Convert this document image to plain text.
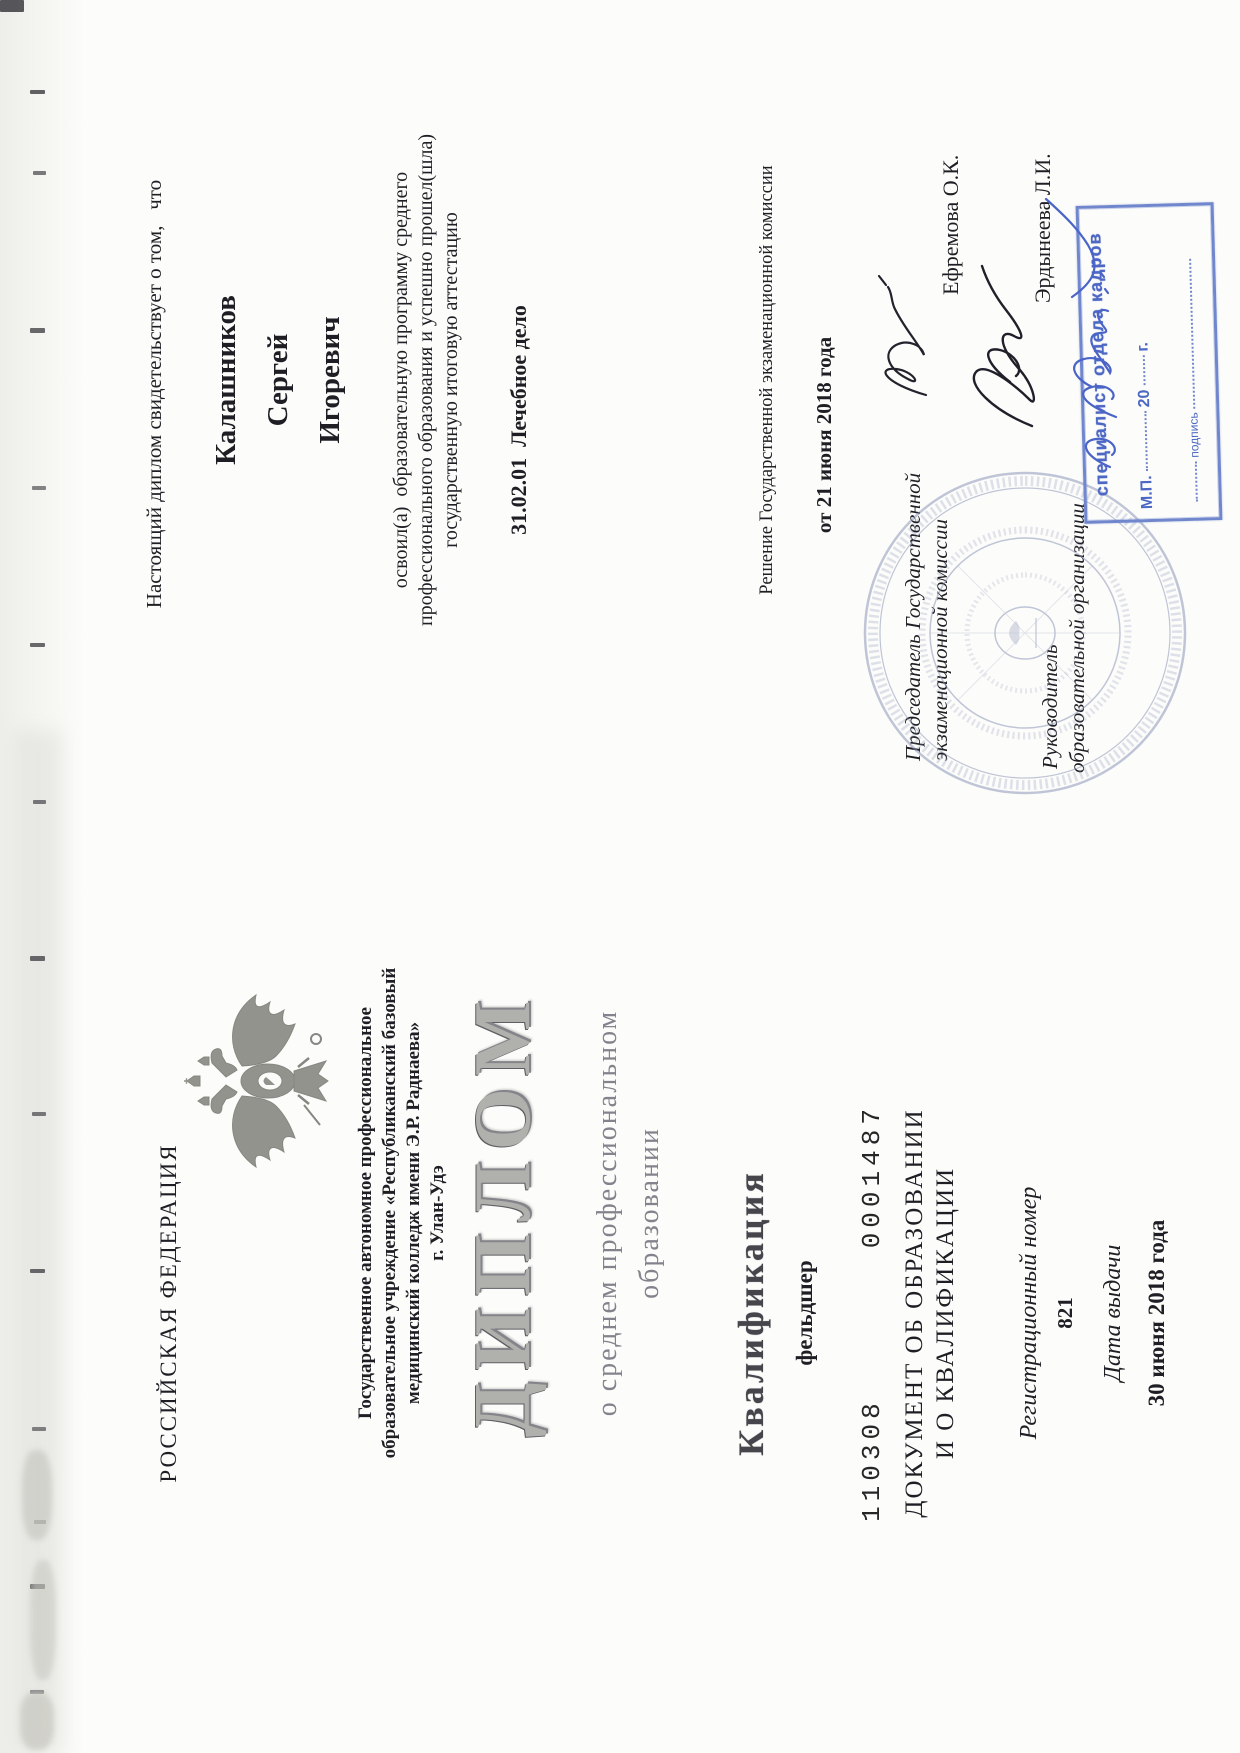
РОССИЙСКАЯ ФЕДЕРАЦИЯ	Государственное автономное профессиональное образовательное учреждение «Республиканский базовый медицинский колледж имени Э.Р. Раднаева» г. Улан-Удэ ДИПЛОМ о среднем профессиональном образовании Квалификация фельдшер
110308
0001487 ДОКУМЕНТ ОБ ОБРАЗОВАНИИ И О КВАЛИФИКАЦИИ Регистрационный номер 821 Дата выдачи 30 июня 2018 года
Настоящий диплом свидетельствует о том,   что Калашников Сергей Игоревич освоил(а)  образовательную программу среднего профессионального образования и успешно прошел(шла) государственную итоговую аттестацию 31.02.01  Лечебное дело	Решение Государственной экзаменационной комиссии от 21 июня 2018 года
Председатель Государственной экзаменационной комиссии
Ефремова О.К.
Руководитель образовательной организации
Эрдынеева Л.И.
специалист отдела кадров	М.П.20г.
подпись
